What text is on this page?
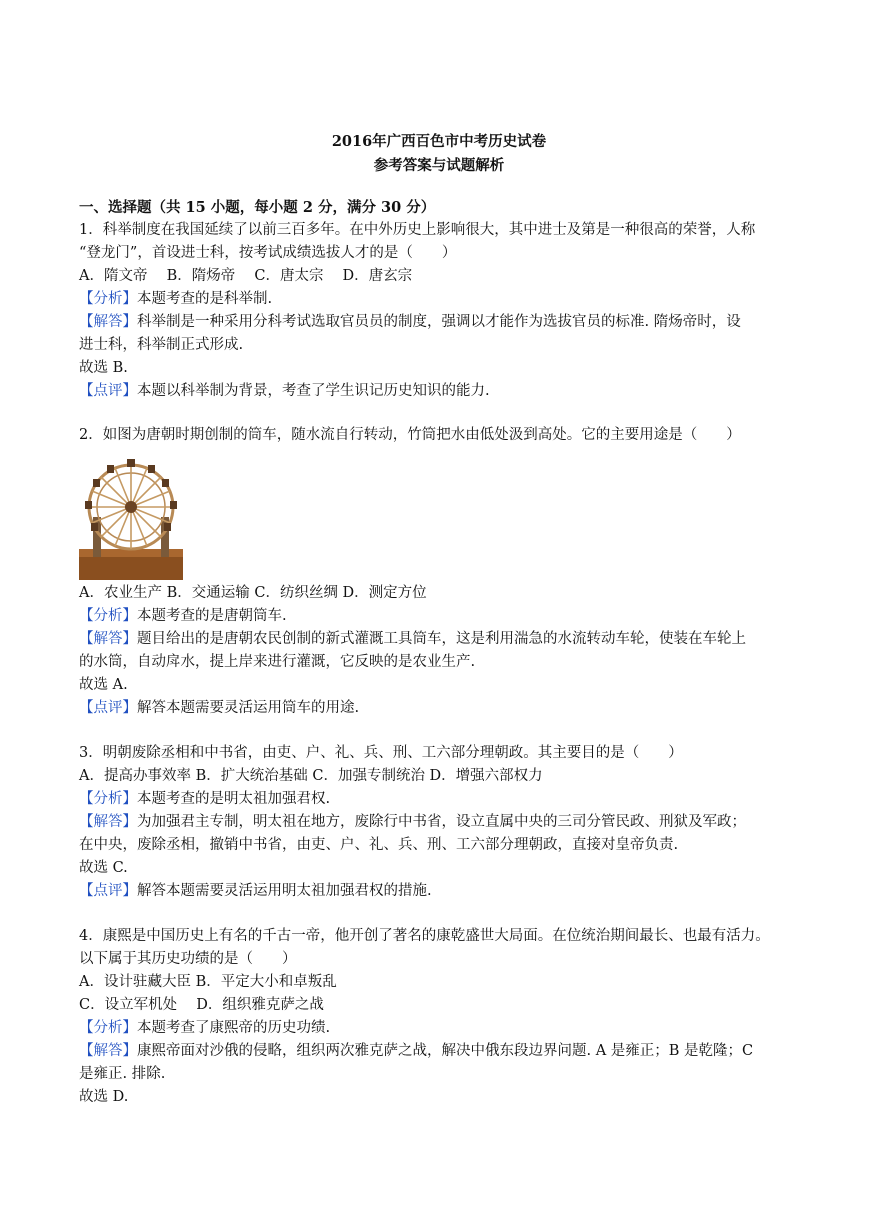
2016年广西百色市中考历史试卷
参考答案与试题解析
一、选择题（共 15 小题，每小题 2 分，满分 30 分）
1．科举制度在我国延续了以前三百多年。在中外历史上影响很大，其中进士及第是一种很高的荣誉，人称
“登龙门”，首设进士科，按考试成绩选拔人才的是（　　）
A．隋文帝　 B．隋炀帝　 C．唐太宗　 D．唐玄宗
【分析】本题考查的是科举制.
【解答】科举制是一种采用分科考试选取官员员的制度，强调以才能作为选拔官员的标准. 隋炀帝时，设
进士科，科举制正式形成.
故选 B.
【点评】本题以科举制为背景，考查了学生识记历史知识的能力.
2．如图为唐朝时期创制的筒车，随水流自行转动，竹筒把水由低处汲到高处。它的主要用途是（　　）
A．农业生产 B．交通运输 C．纺织丝绸 D．测定方位
【分析】本题考查的是唐朝筒车.
【解答】题目给出的是唐朝农民创制的新式灌溉工具筒车，这是利用湍急的水流转动车轮，使装在车轮上
的水筒，自动戽水，提上岸来进行灌溉，它反映的是农业生产.
故选 A.
【点评】解答本题需要灵活运用筒车的用途.
3．明朝废除丞相和中书省，由吏、户、礼、兵、刑、工六部分理朝政。其主要目的是（　　）
A．提高办事效率 B．扩大统治基础 C．加强专制统治 D．增强六部权力
【分析】本题考查的是明太祖加强君权.
【解答】为加强君主专制，明太祖在地方，废除行中书省，设立直属中央的三司分管民政、刑狱及军政；
在中央，废除丞相，撤销中书省，由吏、户、礼、兵、刑、工六部分理朝政，直接对皇帝负责.
故选 C.
【点评】解答本题需要灵活运用明太祖加强君权的措施.
4．康熙是中国历史上有名的千古一帝，他开创了著名的康乾盛世大局面。在位统治期间最长、也最有活力。
以下属于其历史功绩的是（　　）
A．设计驻藏大臣 B．平定大小和卓叛乱
C．设立军机处　 D．组织雅克萨之战
【分析】本题考查了康熙帝的历史功绩.
【解答】康熙帝面对沙俄的侵略，组织两次雅克萨之战，解决中俄东段边界问题. A 是雍正；B 是乾隆；C
是雍正. 排除.
故选 D.
